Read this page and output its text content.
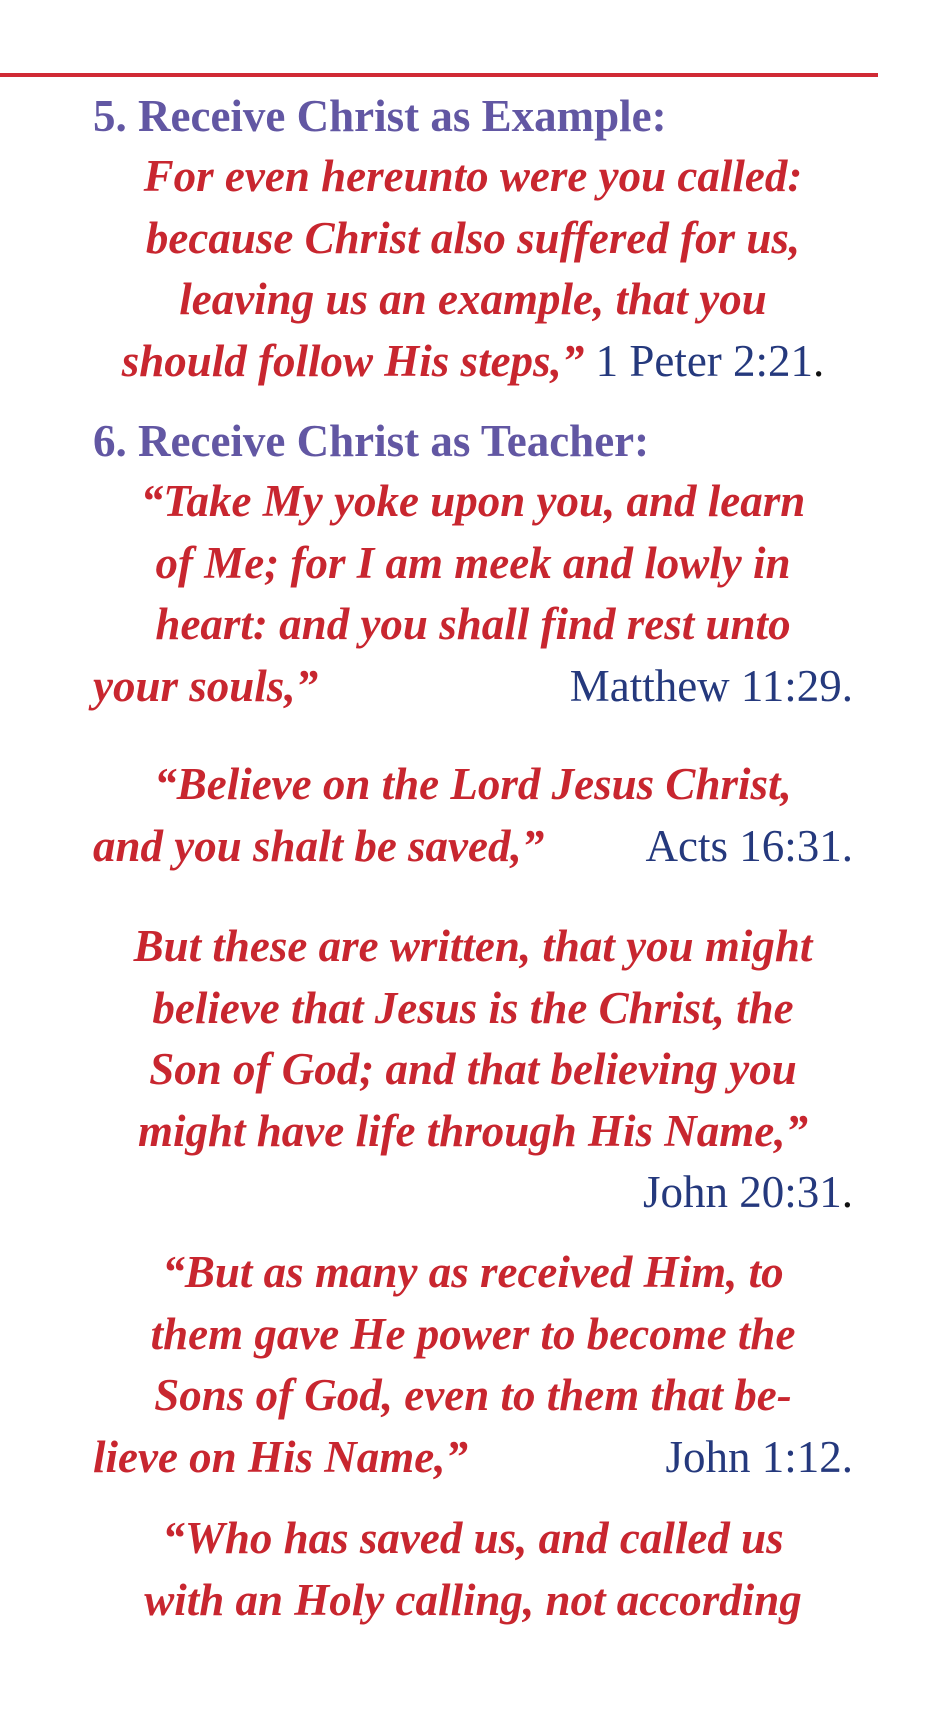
5. Receive Christ as Example:
For even hereunto were you called:
because Christ also suffered for us,
leaving us an example, that you
should follow His steps,” 1 Peter 2:21.
6. Receive Christ as Teacher:
“Take My yoke upon you, and learn
of Me; for I am meek and lowly in
heart: and you shall find rest unto
your souls,”	Matthew 11:29.
“Believe on the Lord Jesus Christ,
and you shalt be saved,” Acts 16:31.
But these are written, that you might
believe that Jesus is the Christ, the
Son of God; and that believing you
might have life through His Name,”
John 20:31.
“But as many as received Him, to
them gave He power to become the
Sons of God, even to them that be-
lieve on His Name,”	John 1:12.
“Who has saved us, and called us
with an Holy calling, not according
